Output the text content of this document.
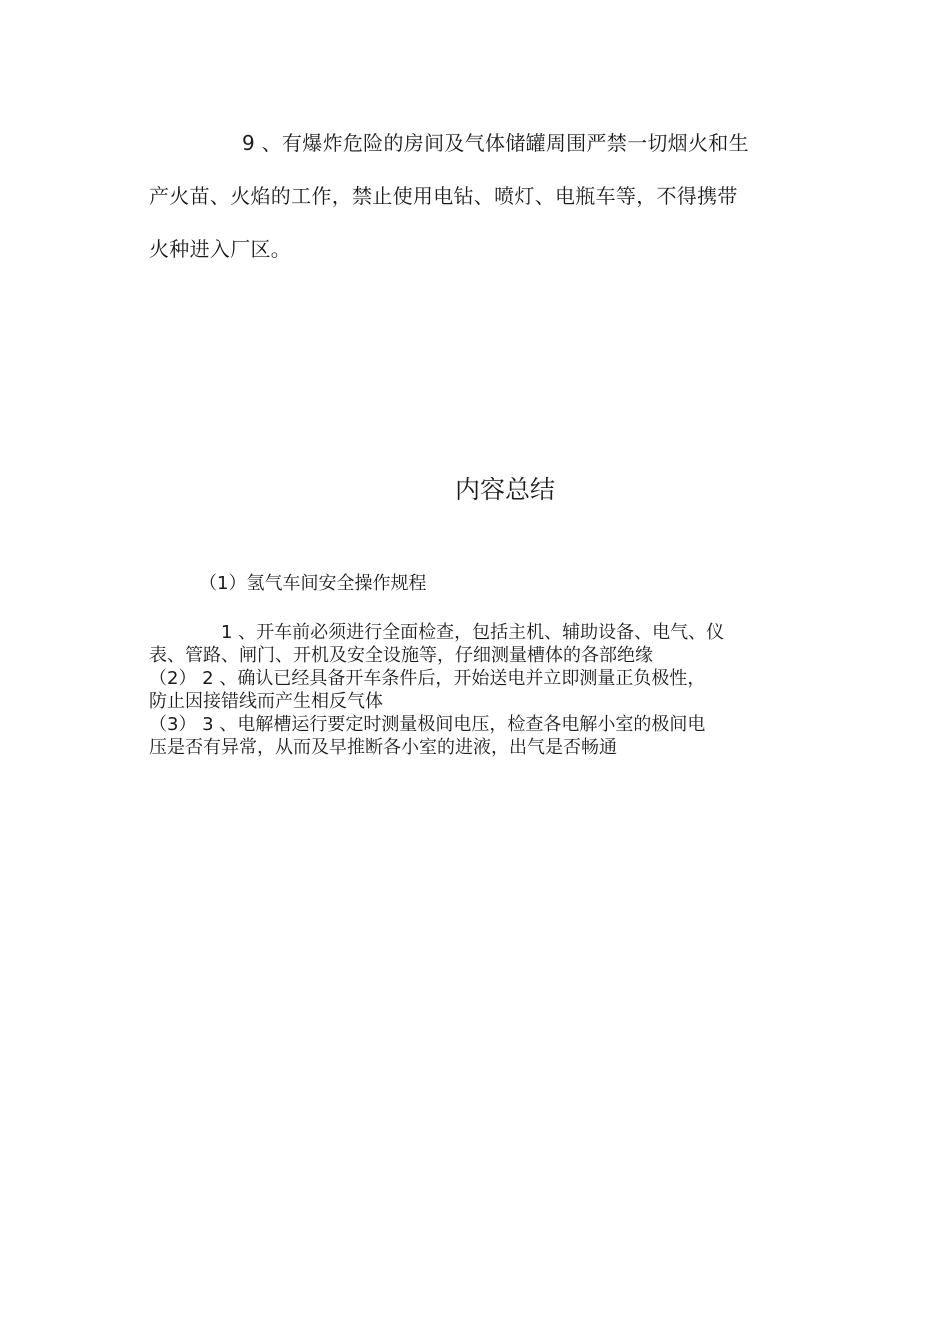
9 、有爆炸危险的房间及气体储罐周围严禁一切烟火和生
产火苗、火焰的工作，禁止使用电钻、喷灯、电瓶车等，不得携带
火种进入厂区。
内容总结
（1）氢气车间安全操作规程
1 、开车前必须进行全面检查，包括主机、辅助设备、电气、仪
表、管路、闸门、开机及安全设施等，仔细测量槽体的各部绝缘
（2） 2 、确认已经具备开车条件后，开始送电并立即测量正负极性，
防止因接错线而产生相反气体
（3） 3 、电解槽运行要定时测量极间电压，检查各电解小室的极间电
压是否有异常，从而及早推断各小室的进液，出气是否畅通
